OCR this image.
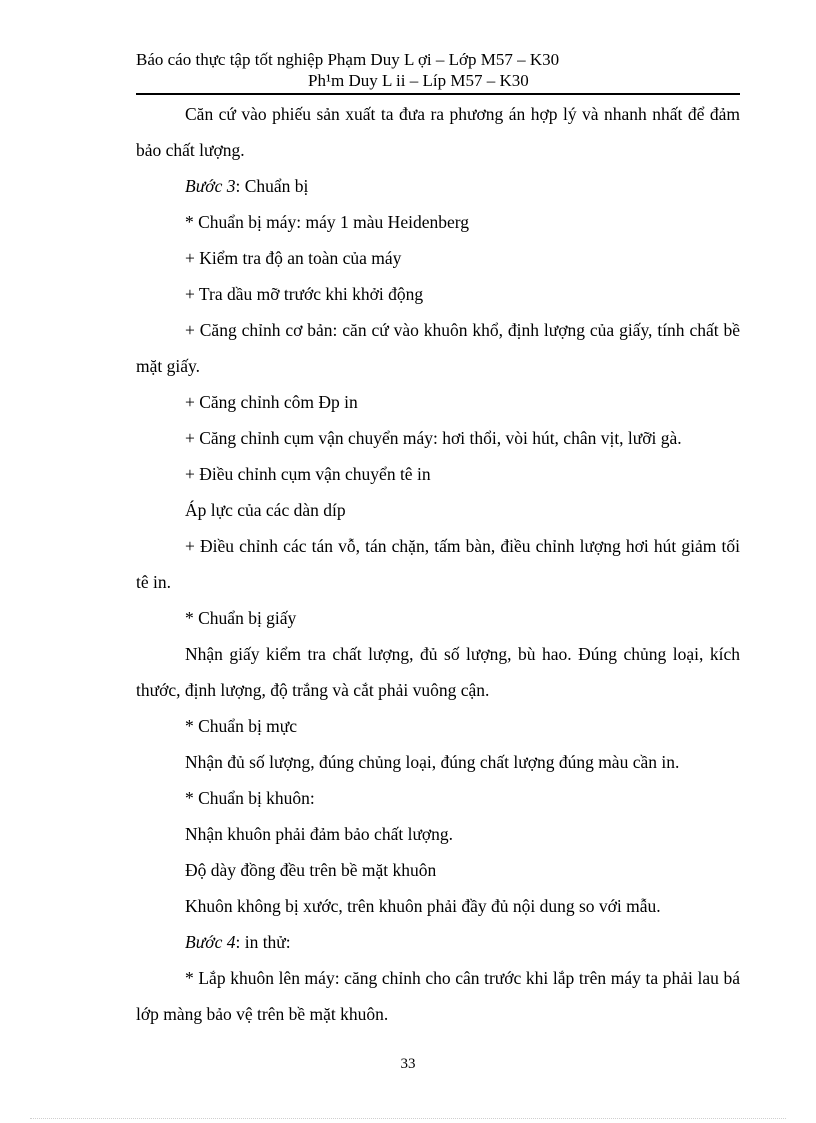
Báo cáo thực tập tốt nghiệp Phạm Duy L ợi – Lớp M57 – K30
Ph¹m Duy L ii – Líp M57 – K30
Căn cứ vào phiếu sản xuất ta đưa ra phương án hợp lý và nhanh nhất để đảm bảo chất lượng.
Bước 3: Chuẩn bị
* Chuẩn bị máy: máy 1 màu Heidenberg
+ Kiểm tra độ an toàn của máy
+ Tra dầu mỡ trước khi khởi động
+ Căng chỉnh cơ bản: căn cứ vào khuôn khổ, định lượng của giấy, tính chất bề mặt giấy.
+ Căng chỉnh côm Đp in
+ Căng chỉnh cụm vận chuyển máy: hơi thổi, vòi hút, chân vịt, lưỡi gà.
+ Điều chỉnh cụm vận chuyển tê in
Áp lực của các dàn díp
+ Điều chỉnh các tán vỗ, tán chặn, tấm bàn, điều chỉnh lượng hơi hút giảm tối tê in.
* Chuẩn bị giấy
Nhận giấy kiểm tra chất lượng, đủ số lượng, bù hao. Đúng chủng loại, kích thước, định lượng, độ trắng và cắt phải vuông cận.
* Chuẩn bị mực
Nhận đủ số lượng, đúng chủng loại, đúng chất lượng đúng màu cần in.
* Chuẩn bị khuôn:
Nhận khuôn phải đảm bảo chất lượng.
Độ dày đồng đều trên bề mặt khuôn
Khuôn không bị xước, trên khuôn phải đầy đủ nội dung so với mẫu.
Bước 4: in thử:
* Lắp khuôn lên máy: căng chỉnh cho cân trước khi lắp trên máy ta phải lau bá lớp màng bảo vệ trên bề mặt khuôn.
33
